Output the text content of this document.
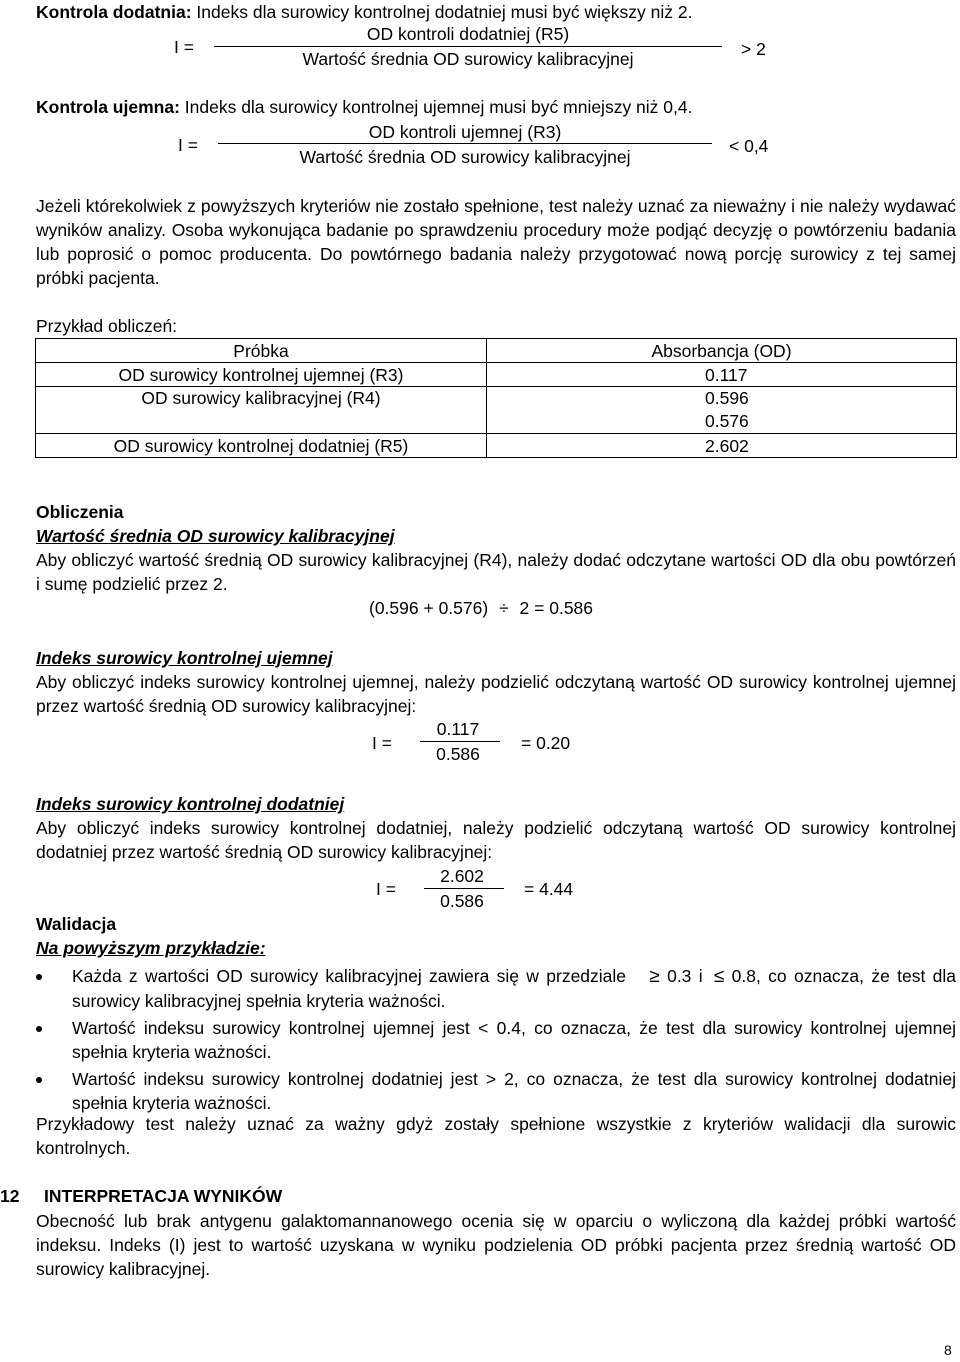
Kontrola dodatnia: Indeks dla surowicy kontrolnej dodatniej musi być większy niż 2.
I =
OD kontroli dodatniej (R5)
Wartość średnia OD surowicy kalibracyjnej	> 2
Kontrola ujemna: Indeks dla surowicy kontrolnej ujemnej musi być mniejszy niż 0,4.
I =
OD kontroli ujemnej (R3)
Wartość średnia OD surowicy kalibracyjnej
< 0,4
Jeżeli którekolwiek z powyższych kryteriów nie zostało spełnione, test należy uznać za nieważny i nie należy wydawać wyników analizy. Osoba wykonująca badanie po sprawdzeniu procedury może podjąć decyzję o powtórzeniu badania lub poprosić o pomoc producenta. Do powtórnego badania należy przygotować nową porcję surowicy z tej samej próbki pacjenta.
Przykład obliczeń:
Próbka	Absorbancja (OD)
OD surowicy kontrolnej ujemnej (R3)	0.117
OD surowicy kalibracyjnej (R4)	0.596
0.576

OD surowicy kontrolnej dodatniej (R5)	2.602
Obliczenia
Wartość średnia OD surowicy kalibracyjnej
Aby obliczyć wartość średnią OD surowicy kalibracyjnej (R4), należy dodać odczytane wartości OD dla obu powtórzeń i sumę podzielić przez 2.
(0.596 + 0.576) ÷ 2 = 0.586
Indeks surowicy kontrolnej ujemnej
Aby obliczyć indeks surowicy kontrolnej ujemnej, należy podzielić odczytaną wartość OD surowicy kontrolnej ujemnej przez wartość średnią OD surowicy kalibracyjnej:
I =
0.117
0.586
= 0.20
Indeks surowicy kontrolnej dodatniej
Aby obliczyć indeks surowicy kontrolnej dodatniej, należy podzielić odczytaną wartość OD surowicy kontrolnej dodatniej przez wartość średnią OD surowicy kalibracyjnej:
I =
2.602
0.586
= 4.44
Walidacja
Na powyższym przykładzie:
Każda z wartości OD surowicy kalibracyjnej zawiera się w przedziale ≥ 0.3 i ≤ 0.8, co oznacza, że test dla surowicy kalibracyjnej spełnia kryteria ważności.
Wartość indeksu surowicy kontrolnej ujemnej jest < 0.4, co oznacza, że test dla surowicy kontrolnej ujemnej spełnia kryteria ważności.
Wartość indeksu surowicy kontrolnej dodatniej jest > 2, co oznacza, że test dla surowicy kontrolnej dodatniej spełnia kryteria ważności.
Przykładowy test należy uznać za ważny gdyż zostały spełnione wszystkie z kryteriów walidacji dla surowic kontrolnych.
12 INTERPRETACJA WYNIKÓW
Obecność lub brak antygenu galaktomannanowego ocenia się w oparciu o wyliczoną dla każdej próbki wartość indeksu. Indeks (I) jest to wartość uzyskana w wyniku podzielenia OD próbki pacjenta przez średnią wartość OD surowicy kalibracyjnej.
8
